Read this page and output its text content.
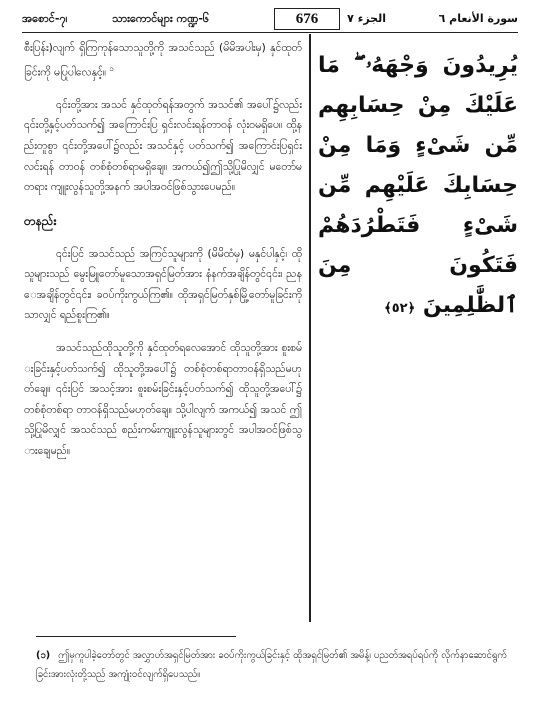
အစောင်-၇၊	သားကောင်များ ကဏ္ဍ-၆	676	الجزء ٧	سورة الأنعام ٦

စီးပြန်း)လျက် ရှိကြကုန်သောသူတို့ကို အသင်သည် (မိမိအပါးမှ) နှင်ထုတ်ခြင်းကို မပြုပါလေနှင့်။ $^၁$

၎င်းတို့အား အသင် နှင်ထုတ်ရန်အတွက် အသင်၏ အပေါ်၌လည်း ၎င်းတို့နှင့်ပတ်သက်၍ အကြောင်းပြ ရှင်းလင်းရန်တာဝန် လုံးဝမရှိပေ။ ထို့နည်းတူစွာ ၎င်းတို့အပေါ်၌လည်း အသင်နှင့် ပတ်သက်၍ အကြောင်းပြရှင်းလင်းရန် တာဝန် တစ်စုံတစ်ရာမရှိချေ။ အကယ်၍ဤသို့ပြုမိလျှင် မတော်မတရား ကျူးလွန်သူတို့အနက် အပါအဝင်ဖြစ်သွားပေမည်။

တနည်း

၎င်းပြင် အသင်သည် အကြင်သူများကို (မိမိထံမှ) မနှင်ပါနှင့်၊ ထိုသူများသည် မွေးမြူတော်မူသောအရှင်မြတ်အား နံနက်အချိန်တွင်၎င်း၊ ညနေအချိန်တွင်၎င်း၊ ခဝပ်ကိုးကွယ်ကြ၏။ ထိုအရှင်မြတ်နှစ်မြို့တော်မူခြင်းကိုသာလျှင် ရည်စူးကြ၏။

အသင်သည်ထိုသူတို့ကို နှင်ထုတ်ရလေအောင် ထိုသူတို့အား စူးစမ်းခြင်းနှင့်ပတ်သက်၍ ထိုသူတို့အပေါ်၌ တစ်စုံတစ်ရာတာဝန်ရှိသည်မဟုတ်ချေ။ ၎င်းပြင် အသင့်အား စူးစမ်းခြင်းနှင့်ပတ်သက်၍ ထိုသူတို့အပေါ်၌ တစ်စုံတစ်ရာ တာဝန်ရှိသည်မဟုတ်ချေ။ သို့ပါလျက် အကယ်၍ အသင် ဤသို့ပြုမိလျှင် အသင်သည် စည်းကမ်းကျူးလွန်သူများတွင် အပါအဝင်ဖြစ်သွားချေမည်။

يُرِيدُونَ وَجْهَهُۥ ۖ مَا عَلَيْكَ مِنْ حِسَابِهِم مِّن شَىْءٍ وَمَا مِنْ حِسَابِكَ عَلَيْهِم مِّن شَىْءٍ فَتَطْرُدَهُمْ فَتَكُونَ مِنَ ٱلظَّٰلِمِينَ ﴿٥٢﴾
(၁) ဤမှကူပါခဲ့တော်တွင် အလွှာဟ်အရှင်မြတ်အား ခဝပ်ကိုးကွယ်ခြင်းနှင့် ထိုအရှင်မြတ်၏ အမိန့်၊ ပညတ်အရပ်ရပ်ကို လိုက်နာဆောင်ရွက်ခြင်းအားလုံးတို့သည် အကျုံးဝင်လျက်ရှိပေသည်။
